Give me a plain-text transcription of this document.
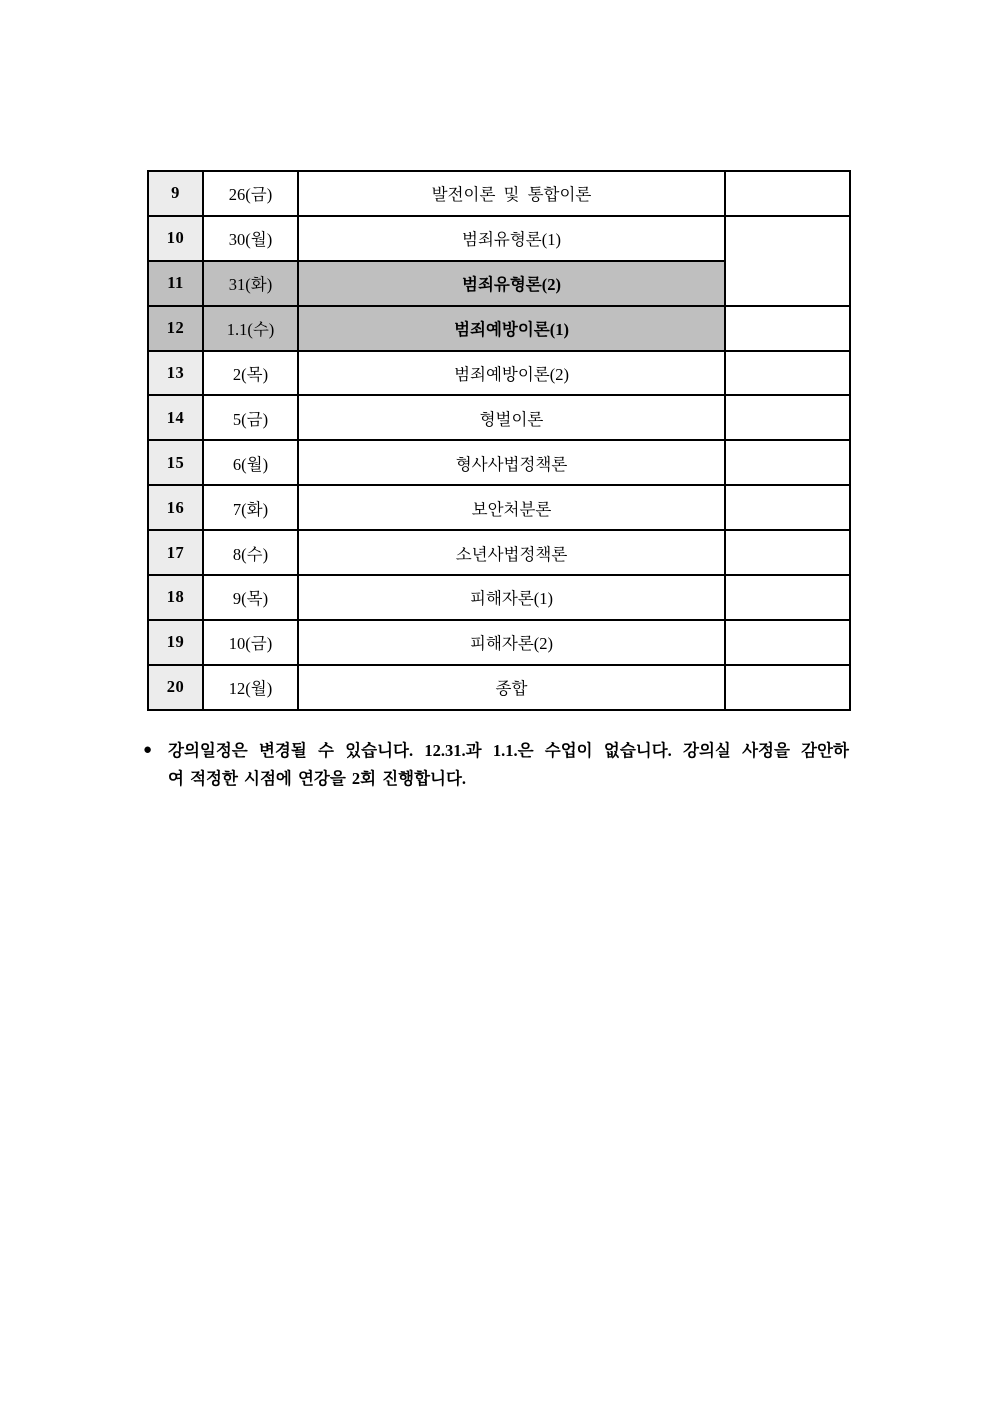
9	26(금)	발전이론 및 통합이론	
10	30(월)	범죄유형론(1)	
11	31(화)	범죄유형론(2)	
12	1.1(수)	범죄예방이론(1)	
13	2(목)	범죄예방이론(2)	
14	5(금)	형벌이론	
15	6(월)	형사사법정책론	
16	7(화)	보안처분론	
17	8(수)	소년사법정책론	
18	9(목)	피해자론(1)	
19	10(금)	피해자론(2)	
20	12(월)	종합	
● 강의일정은 변경될 수 있습니다. 12.31.과 1.1.은 수업이 없습니다. 강의실 사정을 감안하
여 적정한 시점에 연강을 2회 진행합니다.
